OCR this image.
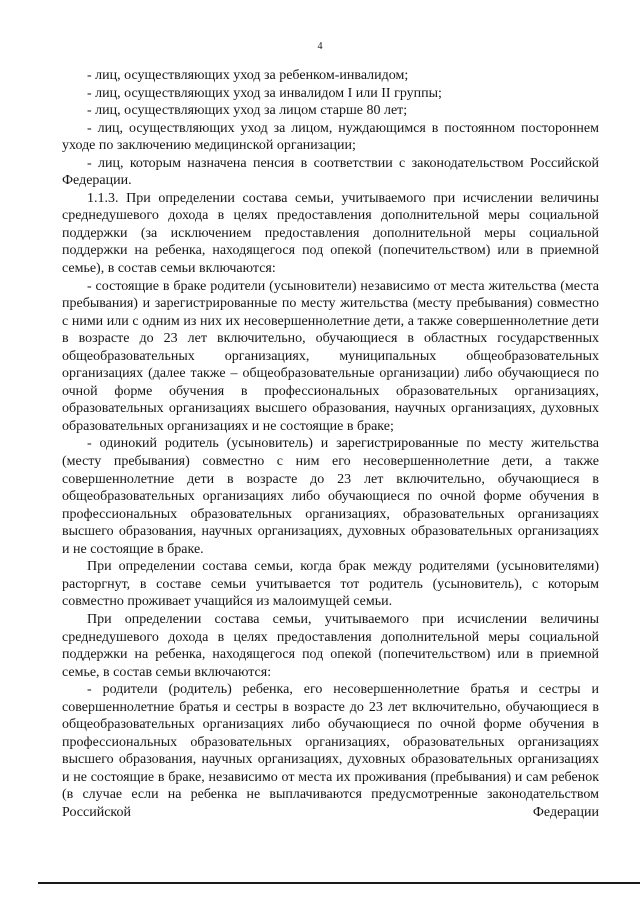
4

- лиц, осуществляющих уход за ребенком-инвалидом;

- лиц, осуществляющих уход за инвалидом I или II группы;

- лиц, осуществляющих уход за лицом старше 80 лет;

- лиц, осуществляющих уход за лицом, нуждающимся в постоянном постороннем уходе по заключению медицинской организации;

- лиц, которым назначена пенсия в соответствии с законодательством Российской Федерации.

1.1.3. При определении состава семьи, учитываемого при исчислении величины среднедушевого дохода в целях предоставления дополнительной меры социальной поддержки (за исключением предоставления дополнительной меры социальной поддержки на ребенка, находящегося под опекой (попечительством) или в приемной семье), в состав семьи включаются:

- состоящие в браке родители (усыновители) независимо от места жительства (места пребывания) и зарегистрированные по месту жительства (месту пребывания) совместно с ними или с одним из них их несовершеннолетние дети, а также совершеннолетние дети в возрасте до 23 лет включительно, обучающиеся в областных государственных общеобразовательных организациях, муниципальных общеобразовательных организациях (далее также – общеобразовательные организации) либо обучающиеся по очной форме обучения в профессиональных образовательных организациях, образовательных организациях высшего образования, научных организациях, духовных образовательных организациях и не состоящие в браке;

- одинокий родитель (усыновитель) и зарегистрированные по месту жительства (месту пребывания) совместно с ним его несовершеннолетние дети, а также совершеннолетние дети в возрасте до 23 лет включительно, обучающиеся в общеобразовательных организациях либо обучающиеся по очной форме обучения в профессиональных образовательных организациях, образовательных организациях высшего образования, научных организациях, духовных образовательных организациях и не состоящие в браке.

При определении состава семьи, когда брак между родителями (усыновителями) расторгнут, в составе семьи учитывается тот родитель (усыновитель), с которым совместно проживает учащийся из малоимущей семьи.

При определении состава семьи, учитываемого при исчислении величины среднедушевого дохода в целях предоставления дополнительной меры социальной поддержки на ребенка, находящегося под опекой (попечительством) или в приемной семье, в состав семьи включаются:

- родители (родитель) ребенка, его несовершеннолетние братья и сестры и совершеннолетние братья и сестры в возрасте до 23 лет включительно, обучающиеся в общеобразовательных организациях либо обучающиеся по очной форме обучения в профессиональных образовательных организациях, образовательных организациях высшего образования, научных организациях, духовных образовательных организациях и не состоящие в браке, независимо от места их проживания (пребывания) и сам ребенок (в случае если на ребенка не выплачиваются предусмотренные законодательством Российской Федерации
